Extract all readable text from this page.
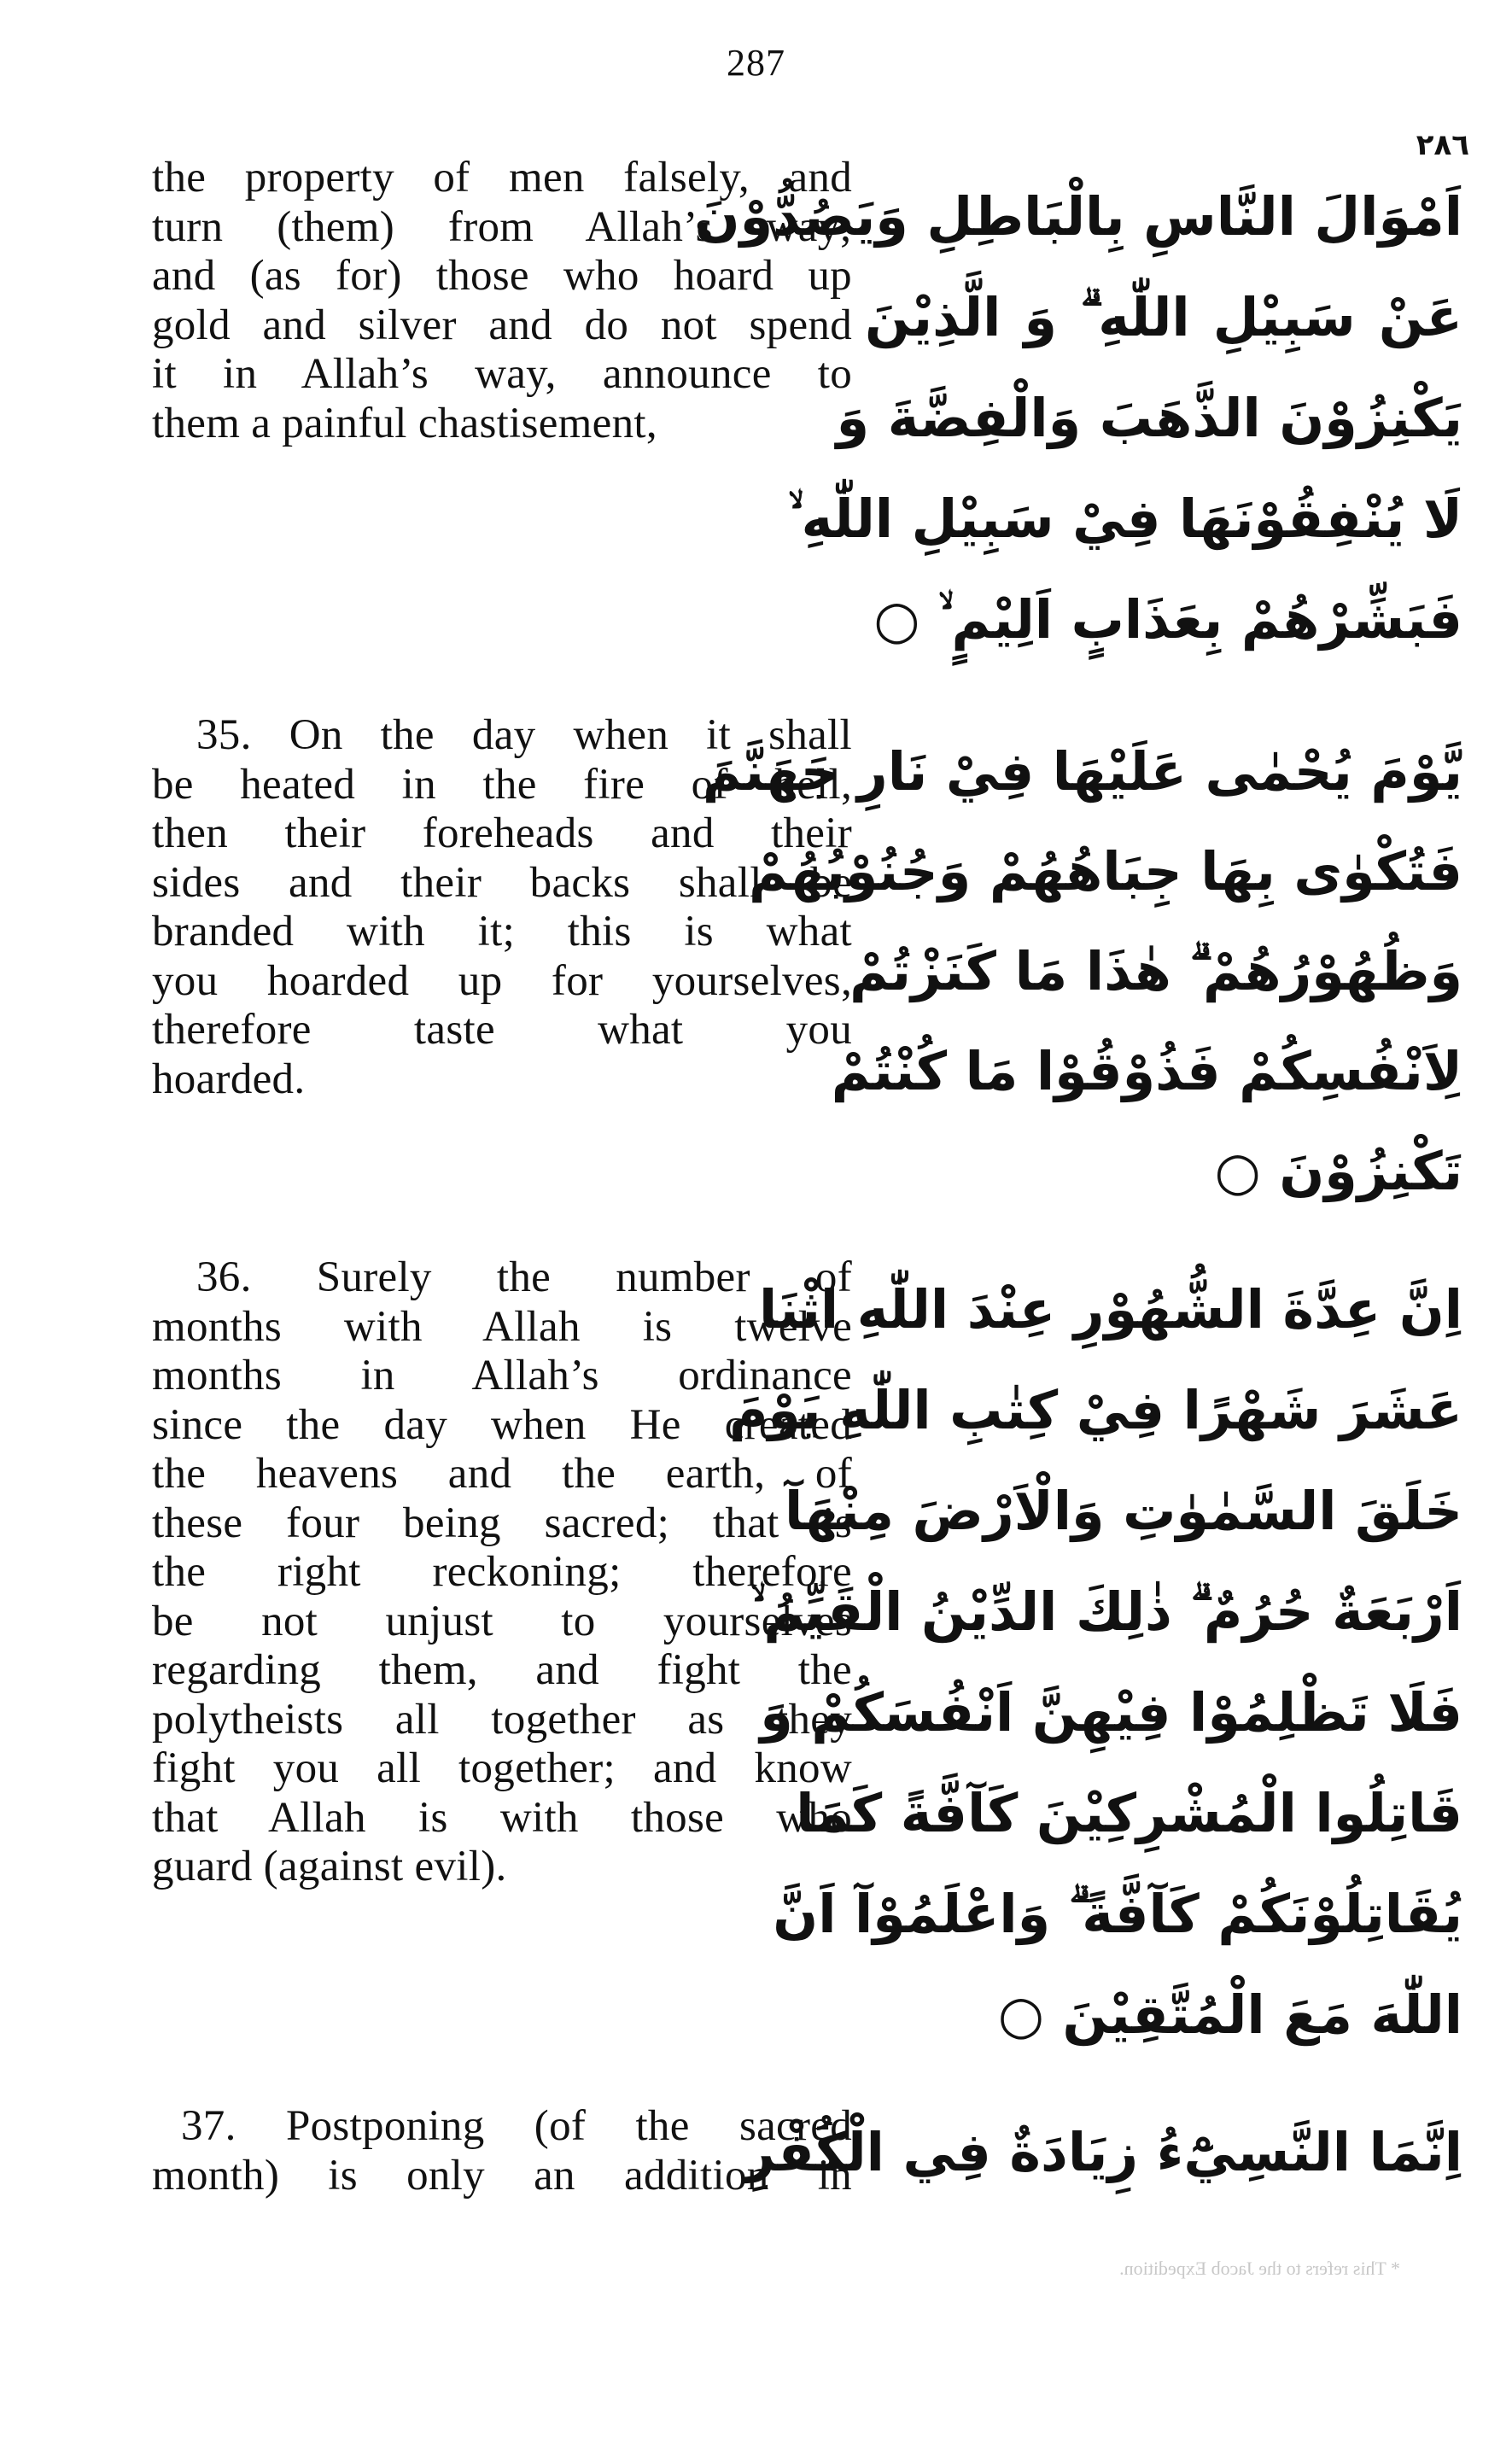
287
٢٨٦
the property of men falsely, and
turn (them) from Allah’s way;
and (as for) those who hoard up
gold and silver and do not spend
it in Allah’s way, announce to
them a painful chastisement,
اَمْوَالَ النَّاسِ بِالْبَاطِلِ وَيَصُدُّوْنَ
عَنْ سَبِيْلِ اللّٰهِ ۗ وَ الَّذِيْنَ
يَكْنِزُوْنَ الذَّهَبَ وَالْفِضَّةَ وَ
لَا يُنْفِقُوْنَهَا فِيْ سَبِيْلِ اللّٰهِ ۙ
فَبَشِّرْهُمْ بِعَذَابٍ اَلِيْمٍ ۙ ○
35. On the day when it shall
be heated in the fire of hell,
then their foreheads and their
sides and their backs shall be
branded with it; this is what
you hoarded up for yourselves,
therefore taste what you
hoarded.
يَّوْمَ يُحْمٰى عَلَيْهَا فِيْ نَارِ جَهَنَّمَ
فَتُكْوٰى بِهَا جِبَاهُهُمْ وَجُنُوْبُهُمْ
وَظُهُوْرُهُمْ ۗ هٰذَا مَا كَنَزْتُمْ
لِاَنْفُسِكُمْ فَذُوْقُوْا مَا كُنْتُمْ
تَكْنِزُوْنَ ○
36. Surely the number of
months with Allah is twelve
months in Allah’s ordinance
since the day when He created
the heavens and the earth, of
these four being sacred; that is
the right reckoning; therefore
be not unjust to yourselves
regarding them, and fight the
polytheists all together as they
fight you all together; and know
that Allah is with those who
guard (against evil).
اِنَّ عِدَّةَ الشُّهُوْرِ عِنْدَ اللّٰهِ اثْنَا
عَشَرَ شَهْرًا فِيْ كِتٰبِ اللّٰهِ يَوْمَ
خَلَقَ السَّمٰوٰتِ وَالْاَرْضَ مِنْهَآ
اَرْبَعَةٌ حُرُمٌ ۗ ذٰلِكَ الدِّيْنُ الْقَيِّمُ ۙ
فَلَا تَظْلِمُوْا فِيْهِنَّ اَنْفُسَكُمْ وَ
قَاتِلُوا الْمُشْرِكِيْنَ كَآفَّةً كَمَا
يُقَاتِلُوْنَكُمْ كَآفَّةً ۗ وَاعْلَمُوْآ اَنَّ
اللّٰهَ مَعَ الْمُتَّقِيْنَ ○
37. Postponing (of the sacred
month) is only an addition in
اِنَّمَا النَّسِيْٓءُ زِيَادَةٌ فِي الْكُفْرِ
* This refers to the Jacob Expedition.
